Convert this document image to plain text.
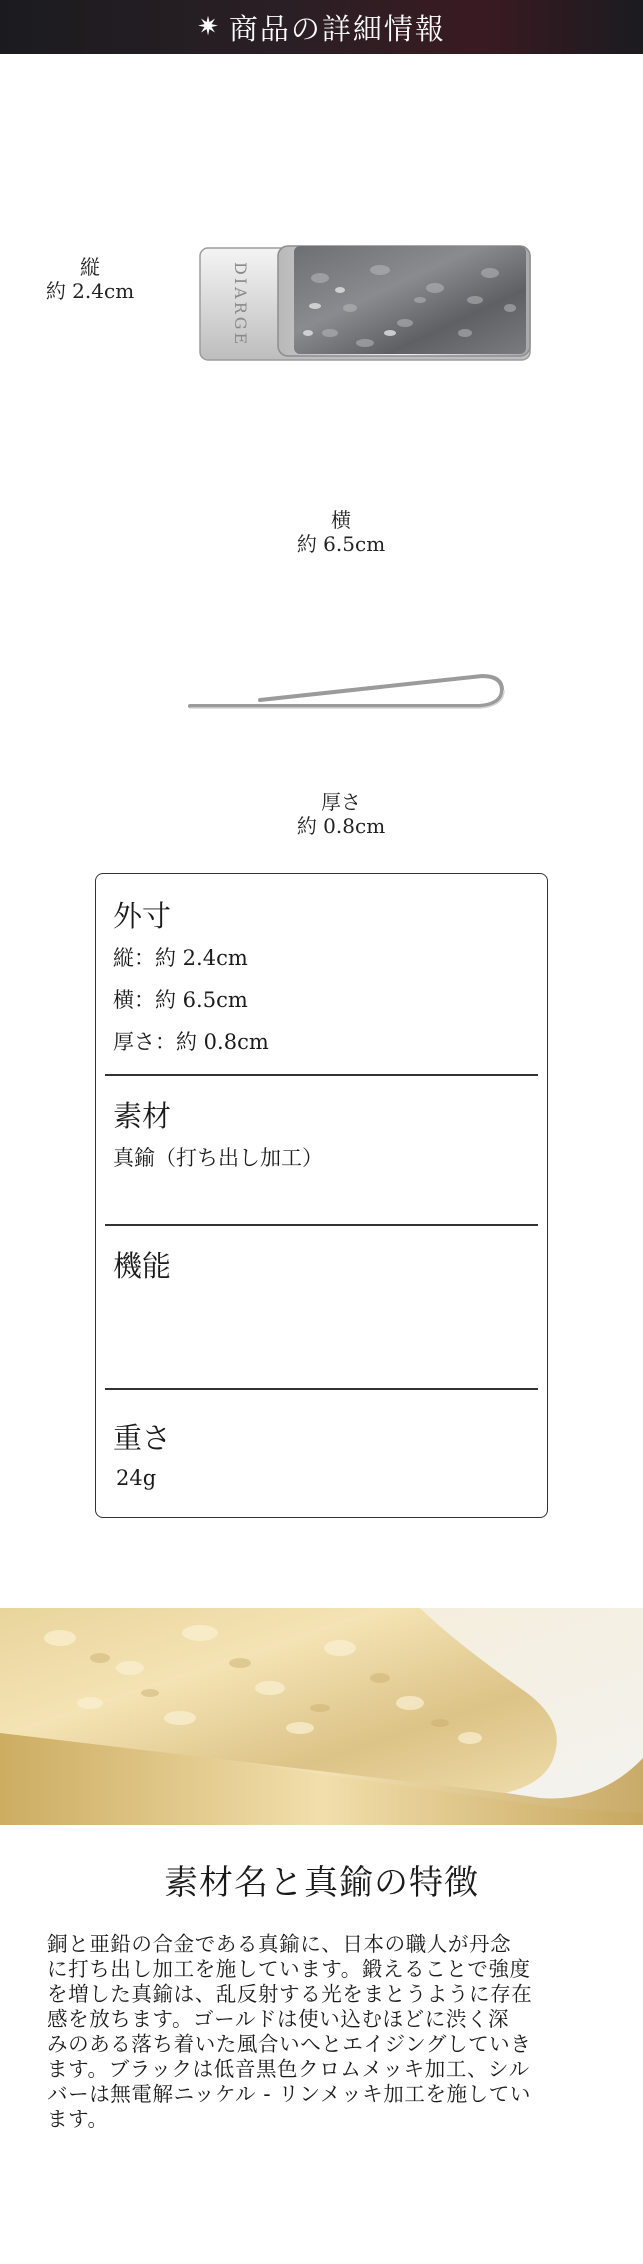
✷ 商品の詳細情報
縦
約 2.4cm	DIARGE
横
約 6.5cm
厚さ
約 0.8cm
外寸
縦：約 2.4cm
横：約 6.5cm
厚さ：約 0.8cm
素材
真鍮（打ち出し加工）
機能
重さ
24g
素材名と真鍮の特徴
銅と亜鉛の合金である真鍮に、日本の職人が丹念
に打ち出し加工を施しています。鍛えることで強度
を増した真鍮は、乱反射する光をまとうように存在
感を放ちます。ゴールドは使い込むほどに渋く深
みのある落ち着いた風合いへとエイジングしていき
ます。ブラックは低音黒色クロムメッキ加工、シル
バーは無電解ニッケル - リンメッキ加工を施してい
ます。
